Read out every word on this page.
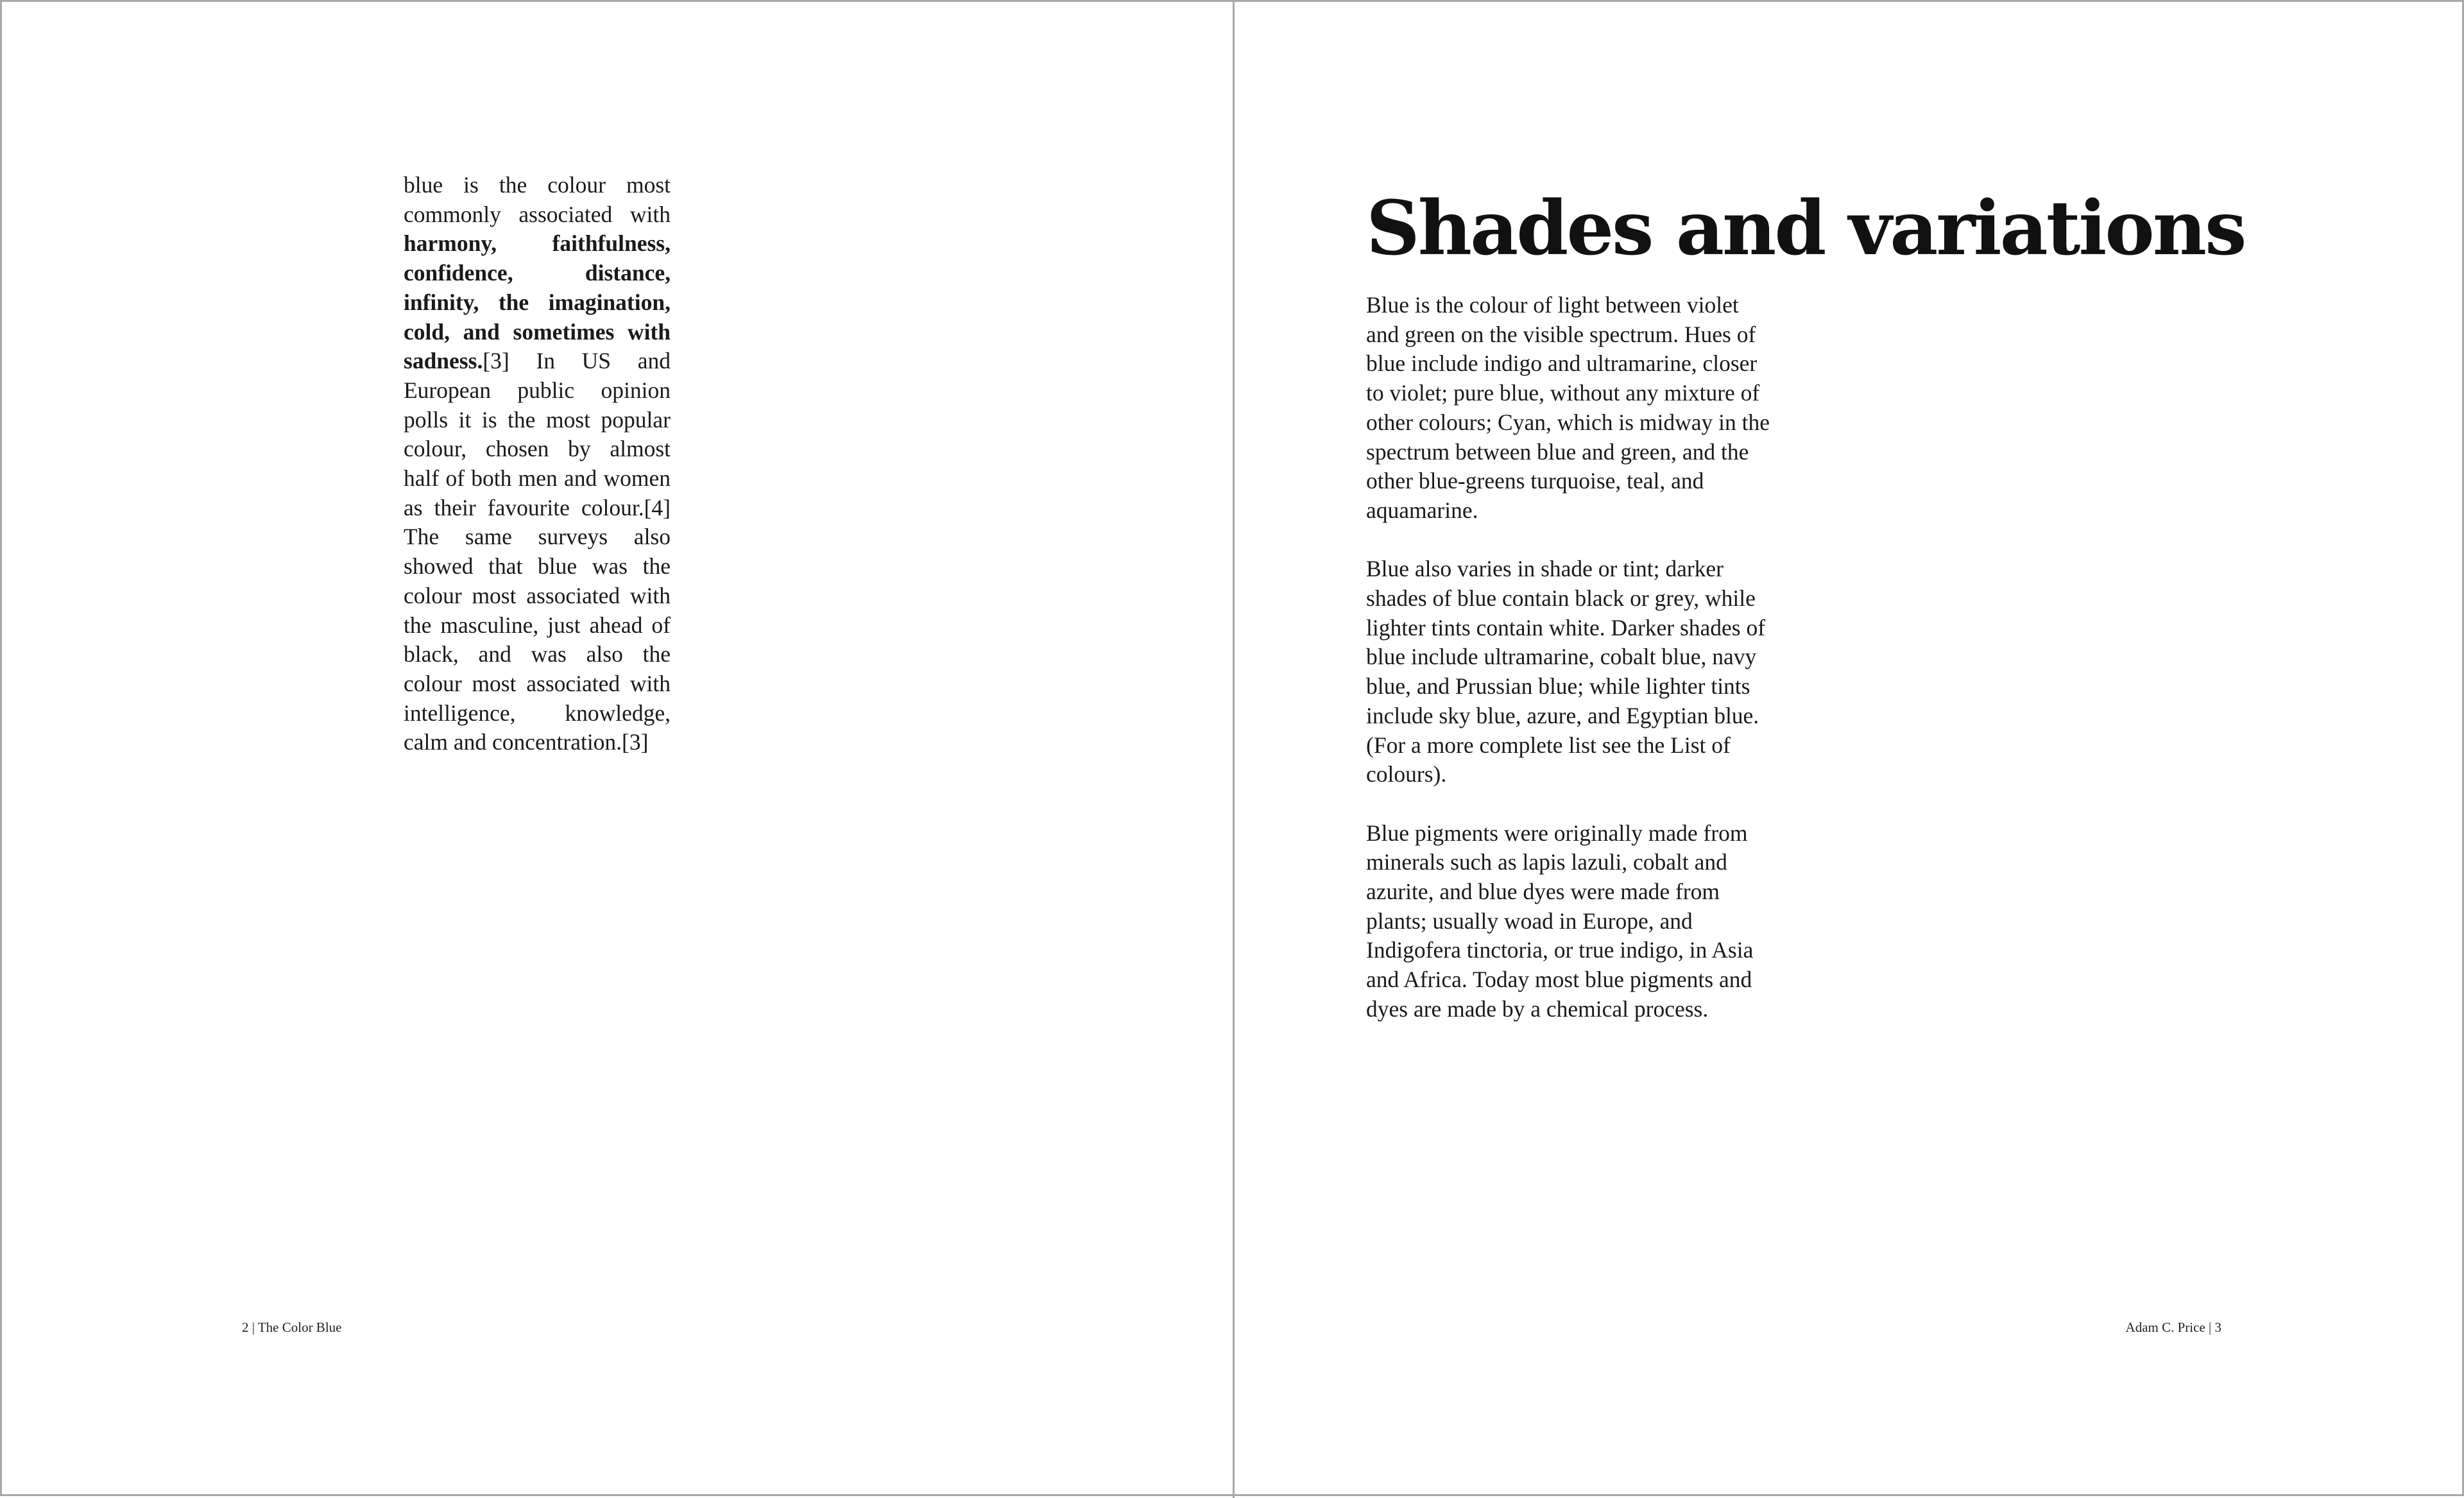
blue is the colour most commonly associated with harmony, faithfulness, confidence, distance, infinity, the imagination, cold, and sometimes with sadness.[3] In US and European public opinion polls it is the most popular colour, chosen by almost half of both men and women as their favourite colour.[4] The same surveys also showed that blue was the colour most associated with the masculine, just ahead of black, and was also the colour most associated with intelligence, knowledge, calm and concentration.[3]

2 | The Color Blue
Shades and variations

Blue is the colour of light between violet and green on the visible spectrum. Hues of blue include indigo and ultramarine, closer to violet; pure blue, without any mixture of other colours; Cyan, which is midway in the spectrum between blue and green, and the other blue-greens turquoise, teal, and aquamarine.

Blue also varies in shade or tint; darker shades of blue contain black or grey, while lighter tints contain white. Darker shades of blue include ultramarine, cobalt blue, navy blue, and Prussian blue; while lighter tints include sky blue, azure, and Egyptian blue. (For a more complete list see the List of colours).

Blue pigments were originally made from minerals such as lapis lazuli, cobalt and azurite, and blue dyes were made from plants; usually woad in Europe, and Indigofera tinctoria, or true indigo, in Asia and Africa. Today most blue pigments and dyes are made by a chemical process.

Adam C. Price | 3
